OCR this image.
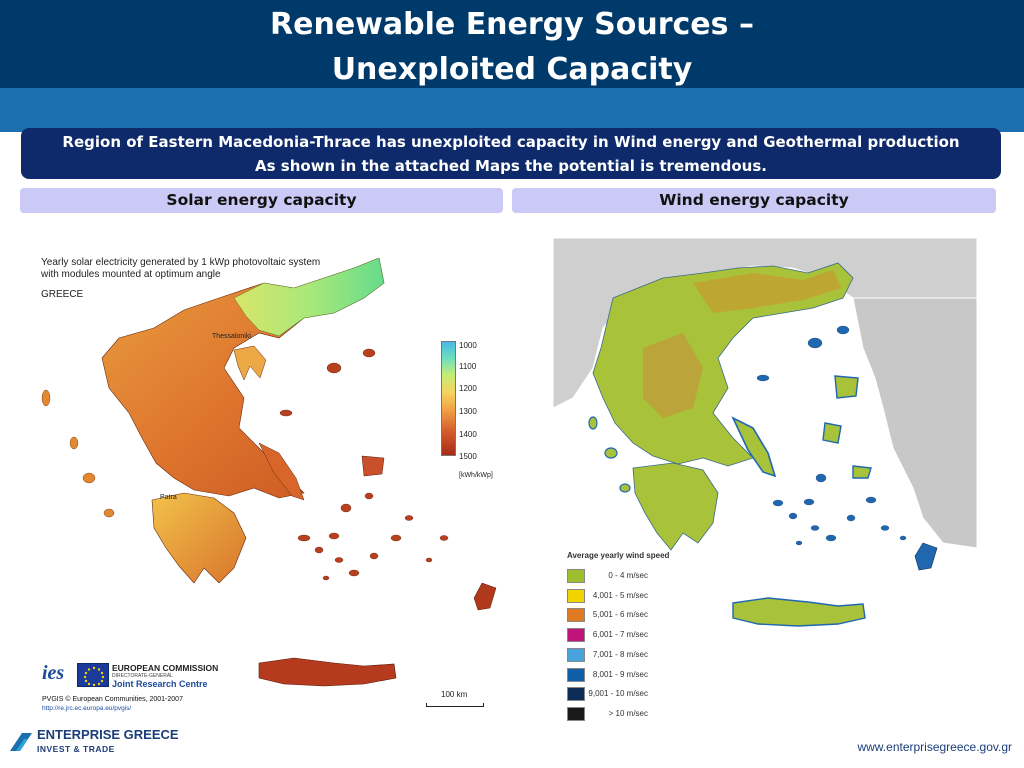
Renewable Energy Sources –
Unexploited Capacity
Region of Eastern Macedonia-Thrace has unexploited capacity in Wind energy and Geothermal production
As shown in the attached Maps the potential is tremendous.
Solar energy capacity	Wind energy capacity
Yearly solar electricity generated by 1 kWp photovoltaic system
with modules mounted at optimum angle
GREECE
Thessaloniki
Patra
1000
1100
1200
1300
1400
1500
[kWh/kWp]
ies	EUROPEAN COMMISSION
DIRECTORATE-GENERAL
Joint Research Centre
PVGIS © European Communities, 2001-2007
http://re.jrc.ec.europa.eu/pvgis/
100 km
Average yearly wind speed
0 - 4 m/sec
4,001 - 5 m/sec
5,001 - 6 m/sec
6,001 - 7 m/sec
7,001 - 8 m/sec
8,001 - 9 m/sec
9,001 - 10 m/sec
> 10 m/sec
ENTERPRISE GREECE
INVEST & TRADE	www.enterprisegreece.gov.gr
